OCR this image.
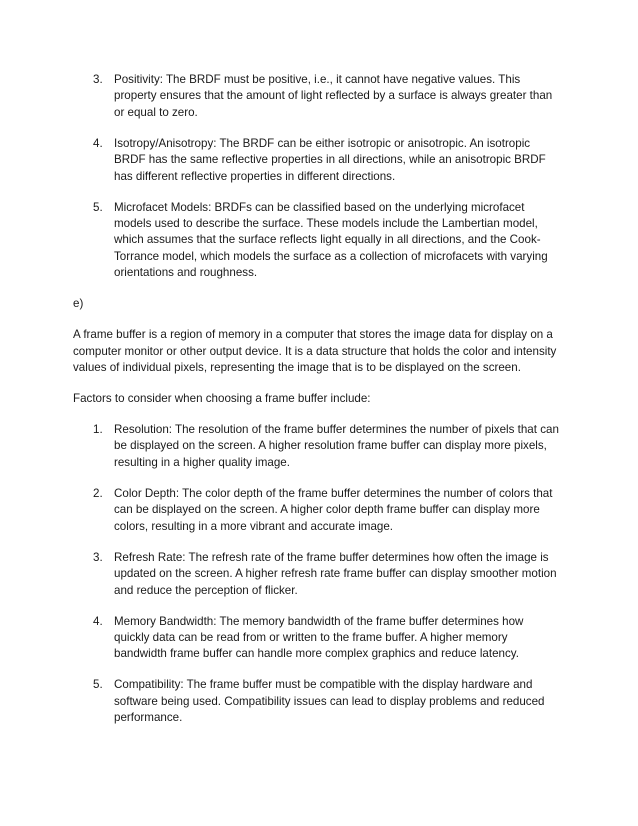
3. Positivity: The BRDF must be positive, i.e., it cannot have negative values. This property ensures that the amount of light reflected by a surface is always greater than or equal to zero.
4. Isotropy/Anisotropy: The BRDF can be either isotropic or anisotropic. An isotropic BRDF has the same reflective properties in all directions, while an anisotropic BRDF has different reflective properties in different directions.
5. Microfacet Models: BRDFs can be classified based on the underlying microfacet models used to describe the surface. These models include the Lambertian model, which assumes that the surface reflects light equally in all directions, and the Cook-Torrance model, which models the surface as a collection of microfacets with varying orientations and roughness.

e)

A frame buffer is a region of memory in a computer that stores the image data for display on a computer monitor or other output device. It is a data structure that holds the color and intensity values of individual pixels, representing the image that is to be displayed on the screen.

Factors to consider when choosing a frame buffer include:

1. Resolution: The resolution of the frame buffer determines the number of pixels that can be displayed on the screen. A higher resolution frame buffer can display more pixels, resulting in a higher quality image.
2. Color Depth: The color depth of the frame buffer determines the number of colors that can be displayed on the screen. A higher color depth frame buffer can display more colors, resulting in a more vibrant and accurate image.
3. Refresh Rate: The refresh rate of the frame buffer determines how often the image is updated on the screen. A higher refresh rate frame buffer can display smoother motion and reduce the perception of flicker.
4. Memory Bandwidth: The memory bandwidth of the frame buffer determines how quickly data can be read from or written to the frame buffer. A higher memory bandwidth frame buffer can handle more complex graphics and reduce latency.
5. Compatibility: The frame buffer must be compatible with the display hardware and software being used. Compatibility issues can lead to display problems and reduced performance.
